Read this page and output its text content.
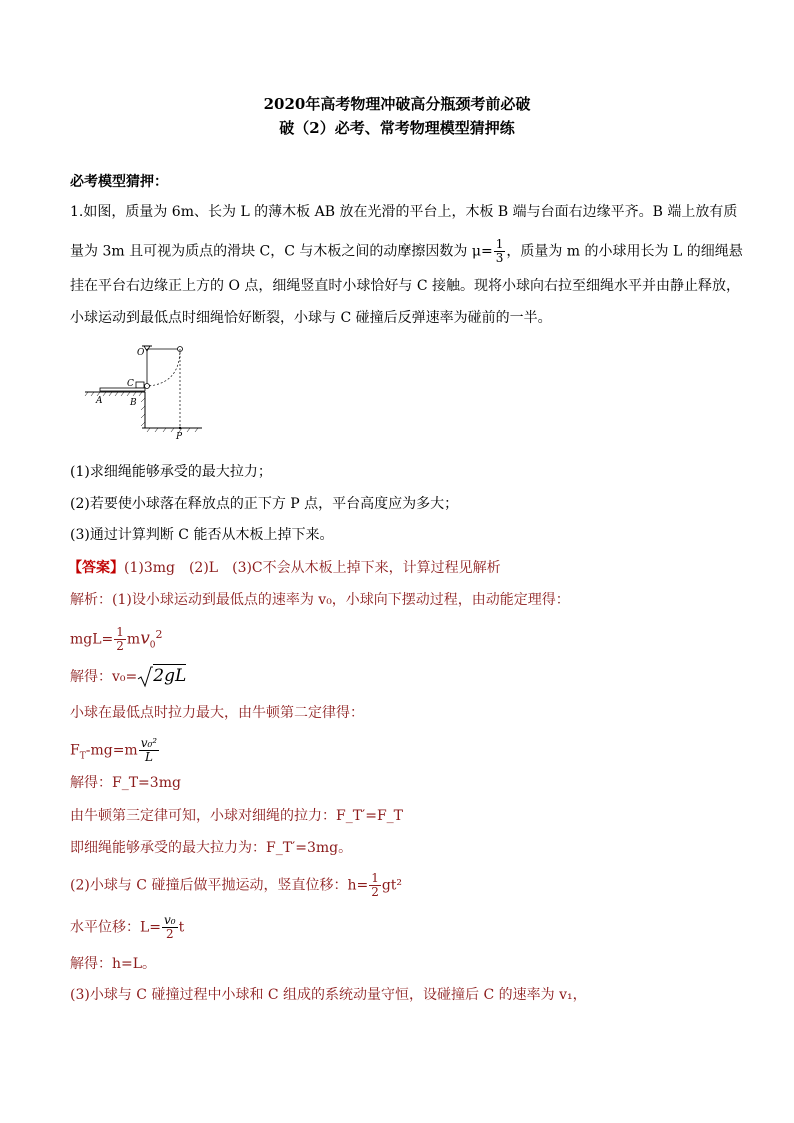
2020年高考物理冲破高分瓶颈考前必破
破（2）必考、常考物理模型猜押练
必考模型猜押：
1.如图，质量为 6m、长为 L 的薄木板 AB 放在光滑的平台上，木板 B 端与台面右边缘平齐。B 端上放有质
量为 3m 且可视为质点的滑块 C，C 与木板之间的动摩擦因数为 $\mu= \frac{1}{3}$ ，质量为 m 的小球用长为 L 的细绳悬
挂在平台右边缘正上方的 O 点，细绳竖直时小球恰好与 C 接触。现将小球向右拉至细绳水平并由静止释放，
小球运动到最低点时细绳恰好断裂，小球与 C 碰撞后反弹速率为碰前的一半。
O
C
A	B
P
(1)求细绳能够承受的最大拉力；
(2)若要使小球落在释放点的正下方 P 点，平台高度应为多大；
(3)通过计算判断 C 能否从木板上掉下来。
【答案】(1)3mg　(2)L　(3)C不会从木板上掉下来，计算过程见解析
解析：(1)设小球运动到最低点的速率为 v₀，小球向下摆动过程，由动能定理得：
$mgL= \frac{1}{2} mv_0^2$
解得：v₀= 2gL
小球在最低点时拉力最大，由牛顿第二定律得：
$F_T-mg=m \frac{\text{v₀²}}{L}$
解得：F_T=3mg
由牛顿第三定律可知，小球对细绳的拉力：F_T′=F_T
即细绳能够承受的最大拉力为：F_T′=3mg。
(2)小球与 C 碰撞后做平抛运动，竖直位移：$h= \frac{1}{2} gt^2$
水平位移：$L= \frac{\text{v₀}}{2}$ t
解得：h=L。
(3)小球与 C 碰撞过程中小球和 C 组成的系统动量守恒，设碰撞后 C 的速率为 v₁，
